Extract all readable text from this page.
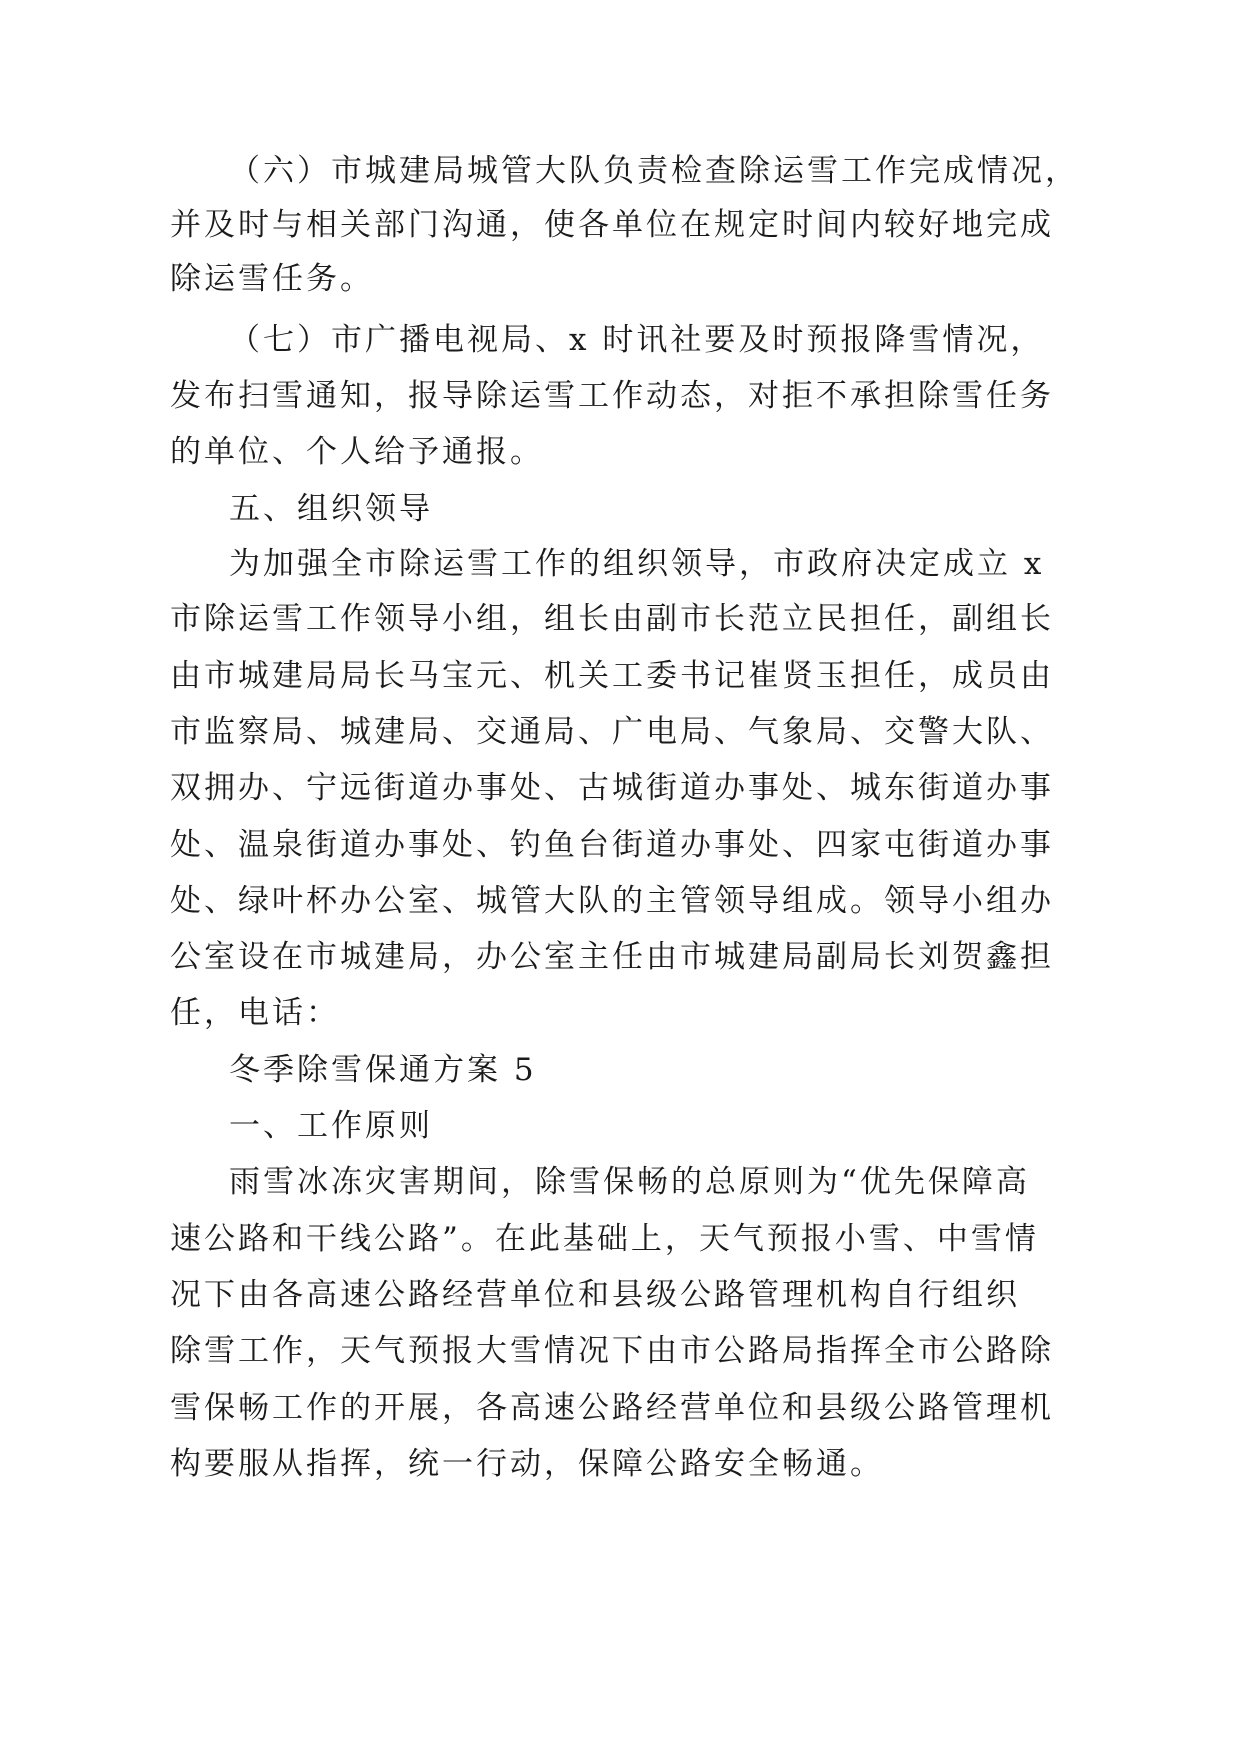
（六）市城建局城管大队负责检查除运雪工作完成情况，
并及时与相关部门沟通，使各单位在规定时间内较好地完成
除运雪任务。
（七）市广播电视局、x 时讯社要及时预报降雪情况，
发布扫雪通知，报导除运雪工作动态，对拒不承担除雪任务
的单位、个人给予通报。
五、组织领导
为加强全市除运雪工作的组织领导，市政府决定成立 x
市除运雪工作领导小组，组长由副市长范立民担任，副组长
由市城建局局长马宝元、机关工委书记崔贤玉担任，成员由
市监察局、城建局、交通局、广电局、气象局、交警大队、
双拥办、宁远街道办事处、古城街道办事处、城东街道办事
处、温泉街道办事处、钓鱼台街道办事处、四家屯街道办事
处、绿叶杯办公室、城管大队的主管领导组成。领导小组办
公室设在市城建局，办公室主任由市城建局副局长刘贺鑫担
任，电话：
冬季除雪保通方案 5
一、工作原则
雨雪冰冻灾害期间，除雪保畅的总原则为“优先保障高
速公路和干线公路”。在此基础上，天气预报小雪、中雪情
况下由各高速公路经营单位和县级公路管理机构自行组织
除雪工作，天气预报大雪情况下由市公路局指挥全市公路除
雪保畅工作的开展，各高速公路经营单位和县级公路管理机
构要服从指挥，统一行动，保障公路安全畅通。
